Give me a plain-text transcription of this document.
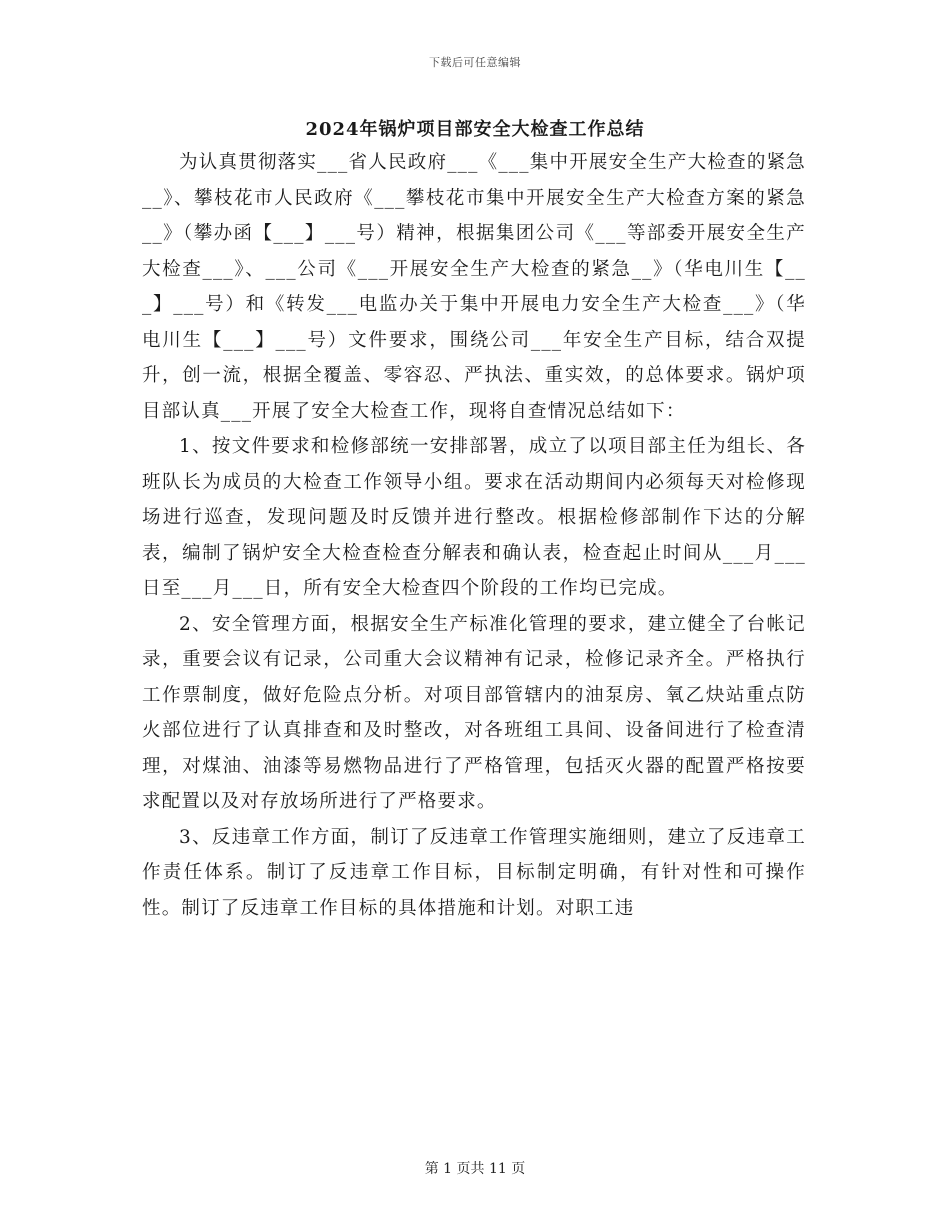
下载后可任意编辑
2024年锅炉项目部安全大检查工作总结

为认真贯彻落实___省人民政府___《___集中开展安全生产大检查的紧急__》、攀枝花市人民政府《___攀枝花市集中开展安全生产大检查方案的紧急__》（攀办函【___】___号）精神，根据集团公司《___等部委开展安全生产大检查___》、___公司《___开展安全生产大检查的紧急__》（华电川生【___】___号）和《转发___电监办关于集中开展电力安全生产大检查___》（华电川生【___】___号）文件要求，围绕公司___年安全生产目标，结合双提升，创一流，根据全覆盖、零容忍、严执法、重实效，的总体要求。锅炉项目部认真___开展了安全大检查工作，现将自查情况总结如下：

1、按文件要求和检修部统一安排部署，成立了以项目部主任为组长、各班队长为成员的大检查工作领导小组。要求在活动期间内必须每天对检修现场进行巡查，发现问题及时反馈并进行整改。根据检修部制作下达的分解表，编制了锅炉安全大检查检查分解表和确认表，检查起止时间从___月___日至___月___日，所有安全大检查四个阶段的工作均已完成。

2、安全管理方面，根据安全生产标准化管理的要求，建立健全了台帐记录，重要会议有记录，公司重大会议精神有记录，检修记录齐全。严格执行工作票制度，做好危险点分析。对项目部管辖内的油泵房、氧乙炔站重点防火部位进行了认真排查和及时整改，对各班组工具间、设备间进行了检查清理，对煤油、油漆等易燃物品进行了严格管理，包括灭火器的配置严格按要求配置以及对存放场所进行了严格要求。

3、反违章工作方面，制订了反违章工作管理实施细则，建立了反违章工作责任体系。制订了反违章工作目标，目标制定明确，有针对性和可操作性。制订了反违章工作目标的具体措施和计划。对职工违

第 1 页共 11 页
